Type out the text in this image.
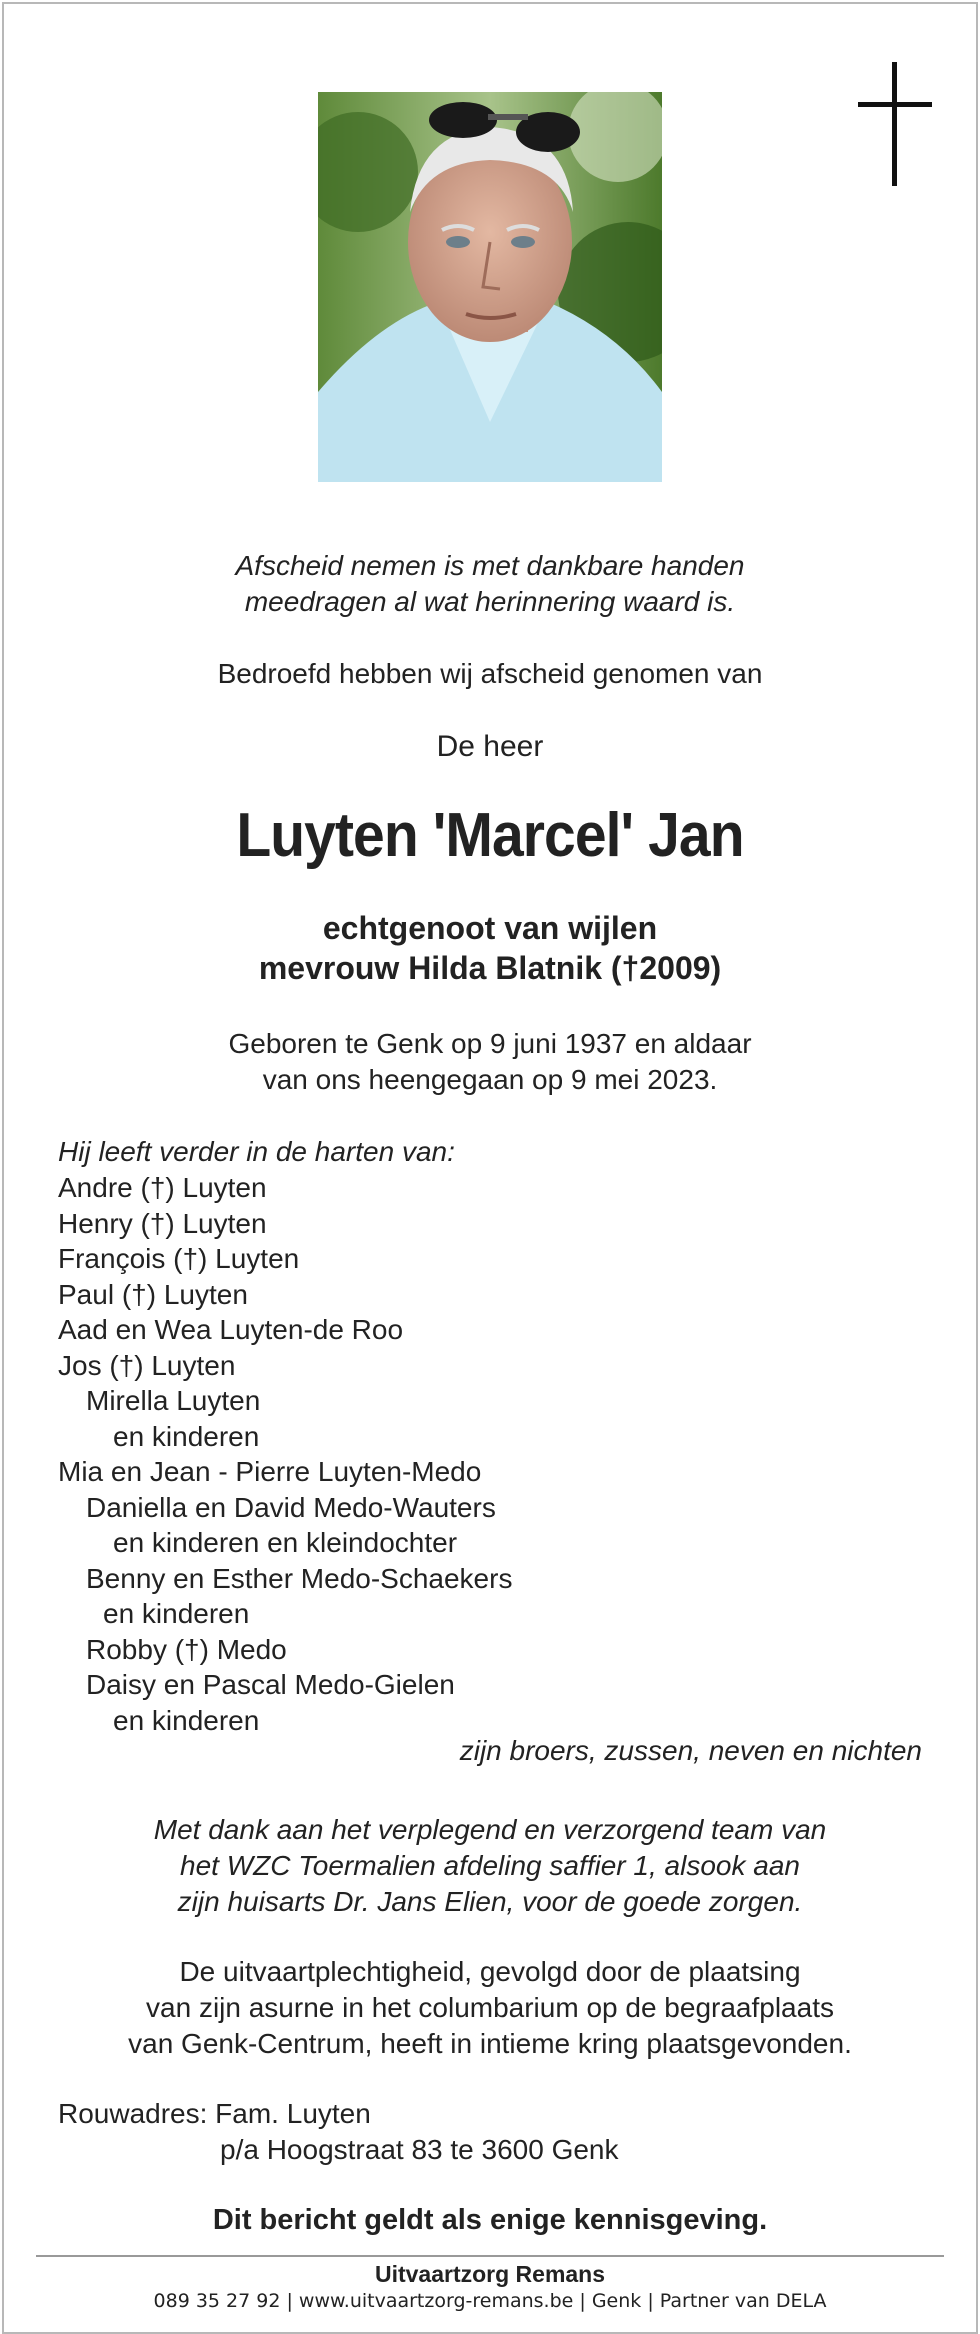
Afscheid nemen is met dankbare handen
meedragen al wat herinnering waard is.
Bedroefd hebben wij afscheid genomen van
De heer
Luyten 'Marcel' Jan
echtgenoot van wijlen
mevrouw Hilda Blatnik (†2009)
Geboren te Genk op 9 juni 1937 en aldaar
van ons heengegaan op 9 mei 2023.
Hij leeft verder in de harten van:
Andre (†) Luyten
Henry (†) Luyten
François (†) Luyten
Paul (†) Luyten
Aad en Wea Luyten-de Roo
Jos (†) Luyten
Mirella Luyten
en kinderen
Mia en Jean - Pierre Luyten-Medo
Daniella en David Medo-Wauters
en kinderen en kleindochter
Benny en Esther Medo-Schaekers
en kinderen
Robby (†) Medo
Daisy en Pascal Medo-Gielen
en kinderen
zijn broers, zussen, neven en nichten
Met dank aan het verplegend en verzorgend team van
het WZC Toermalien afdeling saffier 1, alsook aan
zijn huisarts Dr. Jans Elien, voor de goede zorgen.
De uitvaartplechtigheid, gevolgd door de plaatsing
van zijn asurne in het columbarium op de begraafplaats
van Genk-Centrum, heeft in intieme kring plaatsgevonden.
Rouwadres: Fam. Luyten
p/a Hoogstraat 83 te 3600 Genk
Dit bericht geldt als enige kennisgeving.
Uitvaartzorg Remans
089 35 27 92 | www.uitvaartzorg-remans.be | Genk | Partner van DELA
